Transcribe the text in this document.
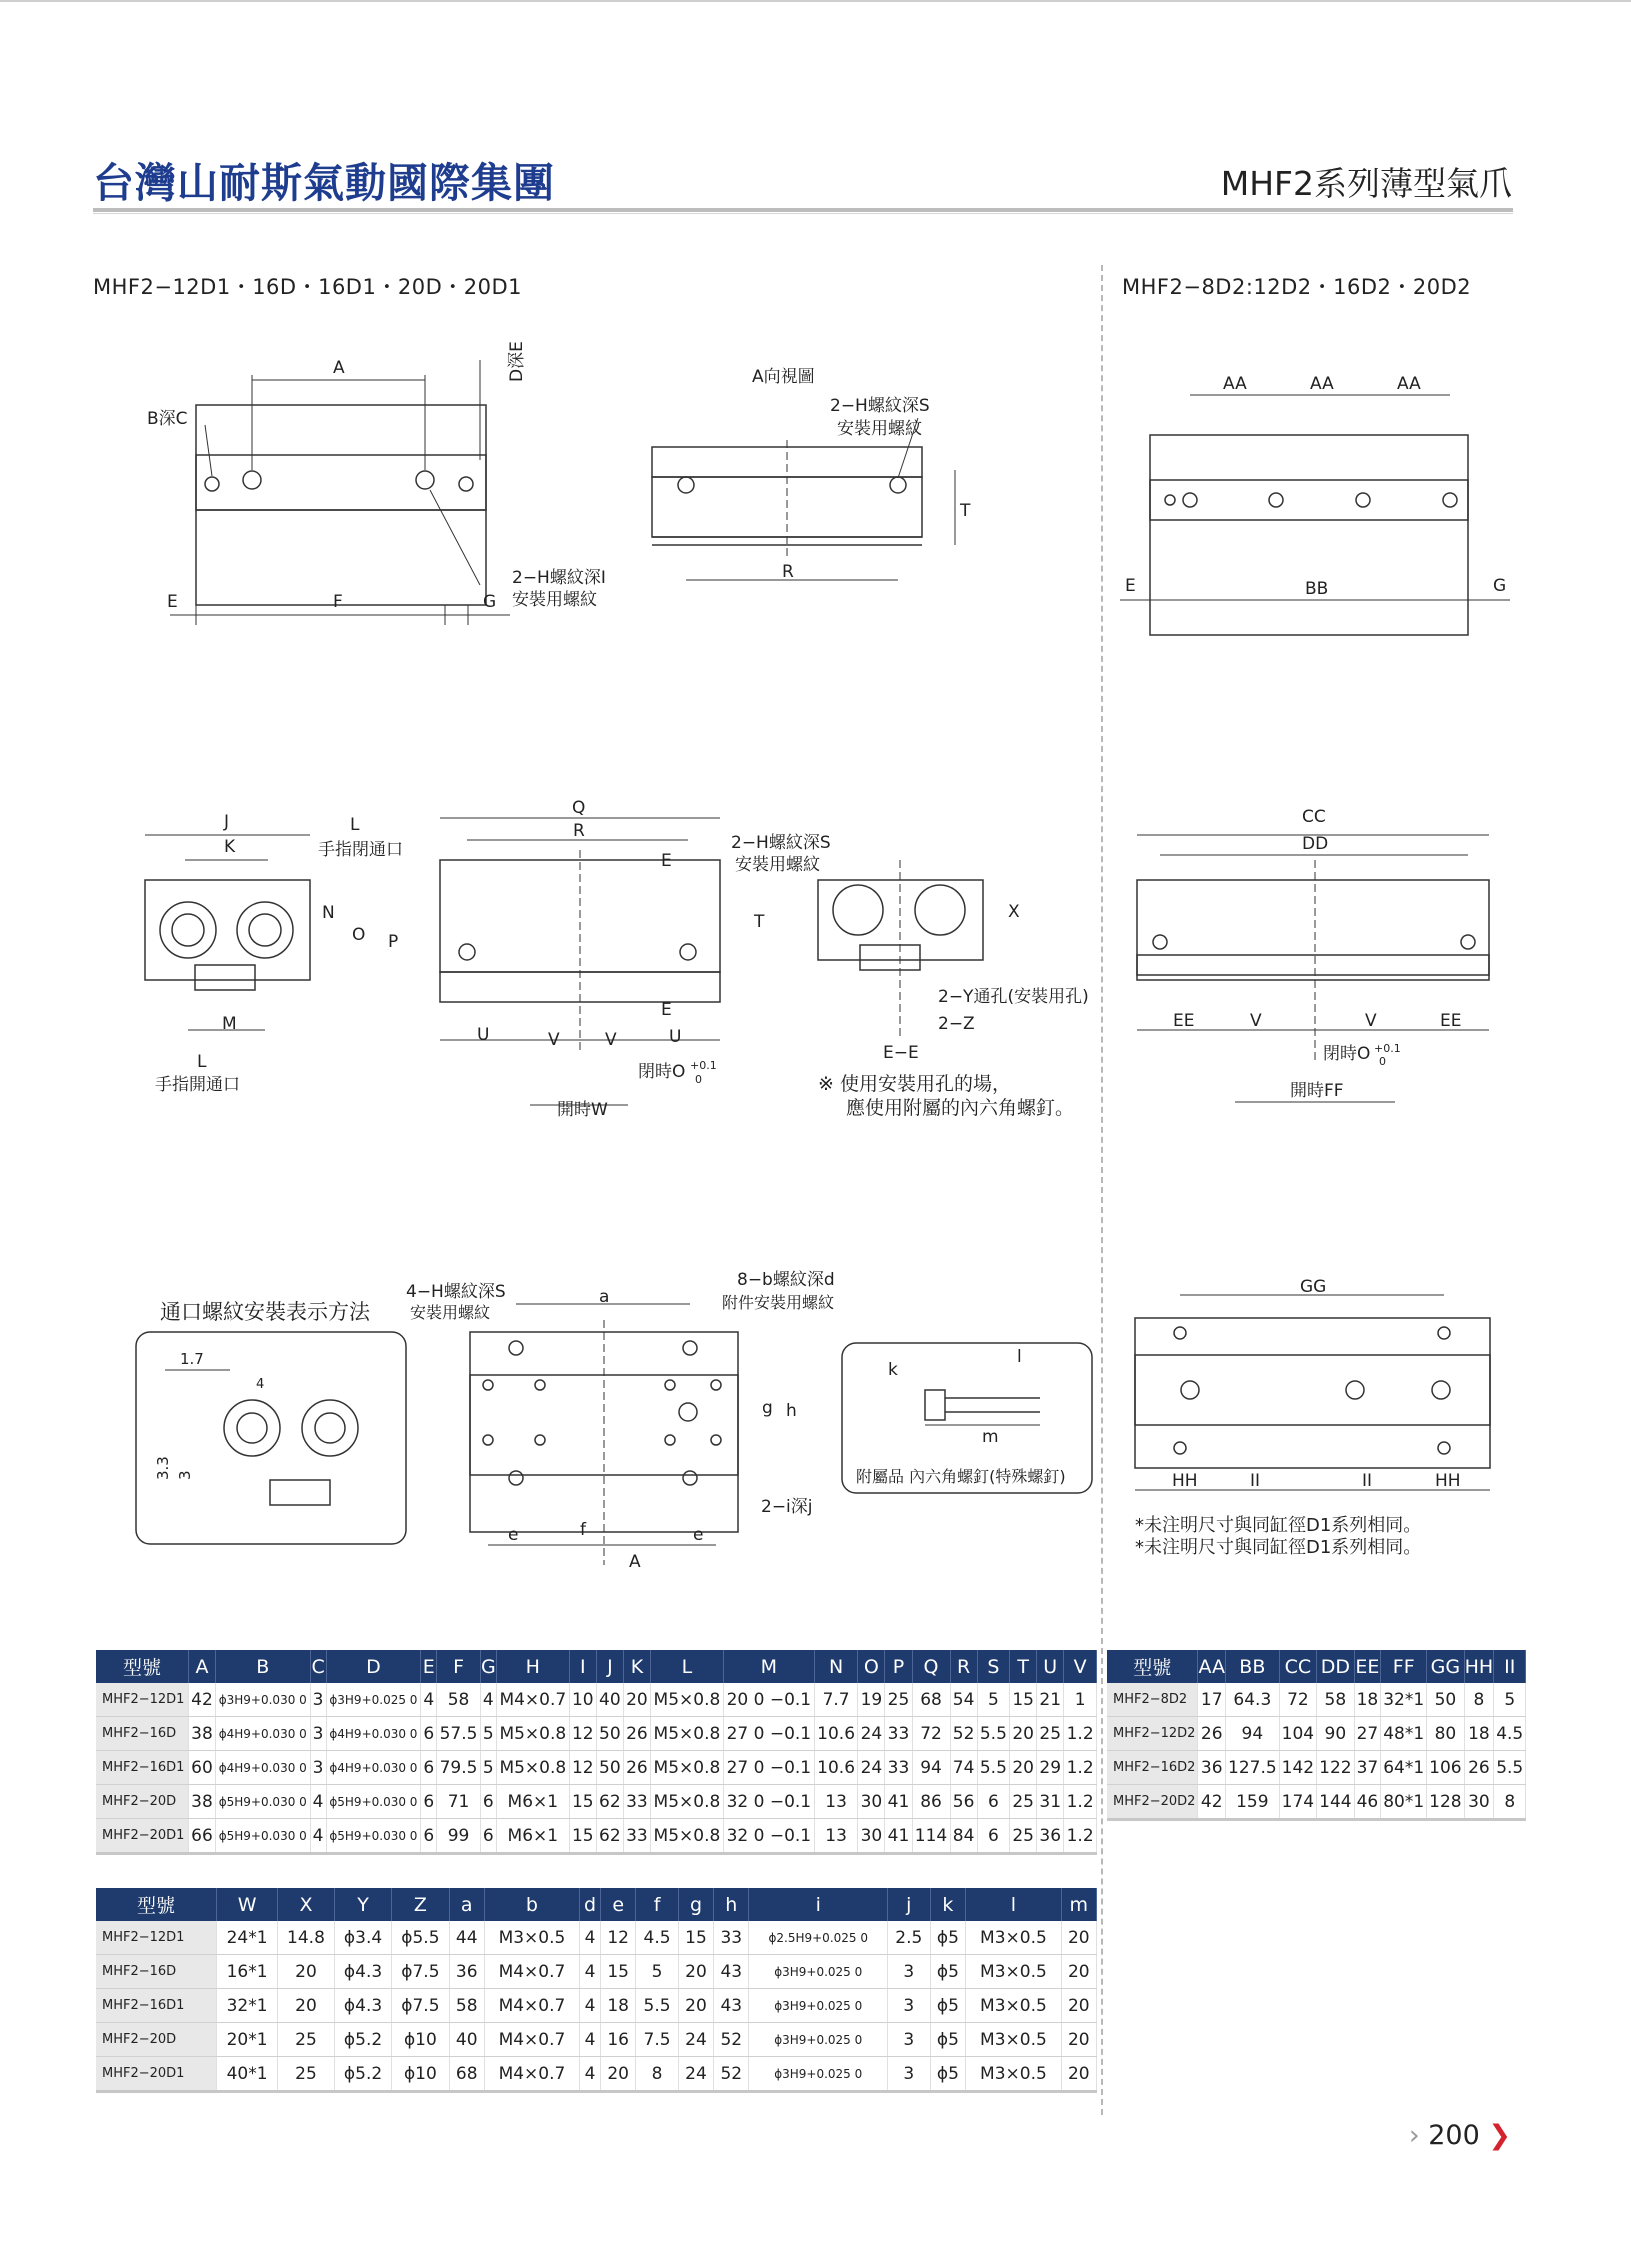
台灣山耐斯氣動國際集團	MHF2系列薄型氣爪
MHF2−12D1・16D・16D1・20D・20D1	MHF2−8D2:12D2・16D2・20D2
A
B深C
D深E
2−H螺紋深I
安裝用螺紋
E	F	G
A向視圖
2−H螺紋深S
安裝用螺紋
R
T
AA	AA	AA
E	BB	G
J
K
L
手指閉通口
N
O P
M
L
手指開通口
Q
R
E
2−H螺紋深S
安裝用螺紋
T
E
U	V	V	U
閉時O +0.1
0
開時W
X
2−Y通孔(安裝用孔)
2−Z
E−E
※ 使用安裝用孔的場，
應使用附屬的內六角螺釘。
CC
DD
EE	V	V	EE
閉時O +0.1
0
開時FF
通口螺紋安裝表示方法
1.7
4
3.3 3
4−H螺紋深S
安裝用螺紋
a
8−b螺紋深d
附件安裝用螺紋
g h
2−i深j
e	f	e
A
k
l
m
附屬品 內六角螺釘(特殊螺釘)
GG
HH	II	II	HH
*未注明尺寸與同缸徑D1系列相同。
*未注明尺寸與同缸徑D1系列相同。
型號	A	B	C	D	E	F	G	H	I	J	K	L	M	N	O	P	Q	R	S	T	U	V
MHF2−12D1	42	ϕ3H9+0.030 0	3	ϕ3H9+0.025 0	4	58	4	M4×0.7	10	40	20	M5×0.8	20 0 −0.1	7.7	19	25	68	54	5	15	21	1
MHF2−16D	38	ϕ4H9+0.030 0	3	ϕ4H9+0.030 0	6	57.5	5	M5×0.8	12	50	26	M5×0.8	27 0 −0.1	10.6	24	33	72	52	5.5	20	25	1.2
MHF2−16D1	60	ϕ4H9+0.030 0	3	ϕ4H9+0.030 0	6	79.5	5	M5×0.8	12	50	26	M5×0.8	27 0 −0.1	10.6	24	33	94	74	5.5	20	29	1.2
MHF2−20D	38	ϕ5H9+0.030 0	4	ϕ5H9+0.030 0	6	71	6	M6×1	15	62	33	M5×0.8	32 0 −0.1	13	30	41	86	56	6	25	31	1.2
MHF2−20D1	66	ϕ5H9+0.030 0	4	ϕ5H9+0.030 0	6	99	6	M6×1	15	62	33	M5×0.8	32 0 −0.1	13	30	41	114	84	6	25	36	1.2
型號	AA	BB	CC	DD	EE	FF	GG	HH	II
MHF2−8D2	17	64.3	72	58	18	32*1	50	8	5
MHF2−12D2	26	94	104	90	27	48*1	80	18	4.5
MHF2−16D2	36	127.5	142	122	37	64*1	106	26	5.5
MHF2−20D2	42	159	174	144	46	80*1	128	30	8
型號	W	X	Y	Z	a	b	d	e	f	g	h	i	j	k	l	m
MHF2−12D1	24*1	14.8	ϕ3.4	ϕ5.5	44	M3×0.5	4	12	4.5	15	33	ϕ2.5H9+0.025 0	2.5	ϕ5	M3×0.5	20
MHF2−16D	16*1	20	ϕ4.3	ϕ7.5	36	M4×0.7	4	15	5	20	43	ϕ3H9+0.025 0	3	ϕ5	M3×0.5	20
MHF2−16D1	32*1	20	ϕ4.3	ϕ7.5	58	M4×0.7	4	18	5.5	20	43	ϕ3H9+0.025 0	3	ϕ5	M3×0.5	20
MHF2−20D	20*1	25	ϕ5.2	ϕ10	40	M4×0.7	4	16	7.5	24	52	ϕ3H9+0.025 0	3	ϕ5	M3×0.5	20
MHF2−20D1	40*1	25	ϕ5.2	ϕ10	68	M4×0.7	4	20	8	24	52	ϕ3H9+0.025 0	3	ϕ5	M3×0.5	20
› 200 ❯
